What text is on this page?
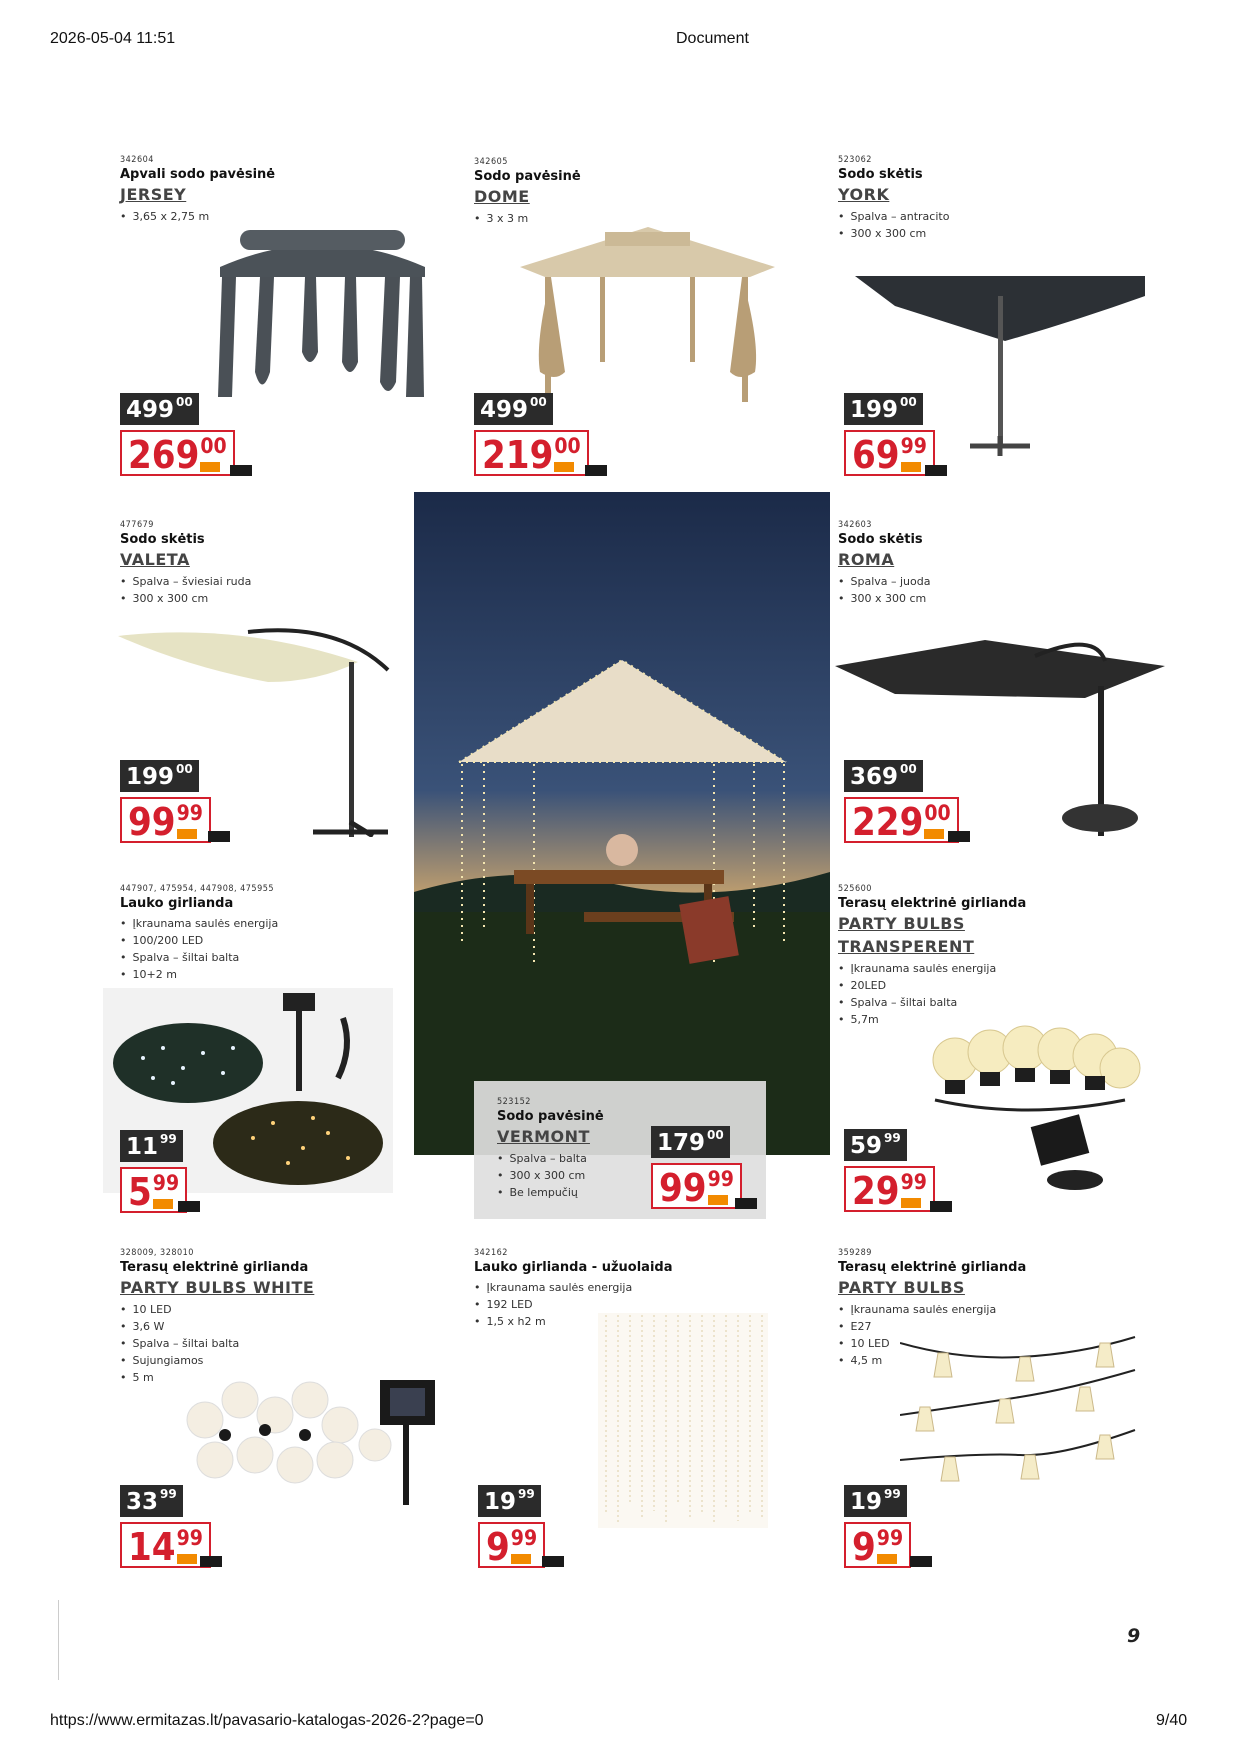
2026-05-04 11:51	Document
https://www.ermitazas.lt/pavasario-katalogas-2026-2?page=0	9/40
9
342604
Apvali sodo pavėsinė
JERSEY
• 3,65 x 2,75 m
499 00
269 00
342605
Sodo pavėsinė
DOME
• 3 x 3 m
499 00
219 00
523062
Sodo skėtis
YORK
• Spalva – antracito
• 300 x 300 cm
199 00
69 99
477679
Sodo skėtis
VALETA
• Spalva – šviesiai ruda
• 300 x 300 cm
199 00
99 99
342603
Sodo skėtis
ROMA
• Spalva – juoda
• 300 x 300 cm
369 00
229 00
447907, 475954, 447908, 475955
Lauko girlianda
• Įkraunama saulės energija
• 100/200 LED
• Spalva – šiltai balta
• 10+2 m
11 99
5 99
523152
Sodo pavėsinė
VERMONT
• Spalva – balta
• 300 x 300 cm
• Be lempučių
179 00
99 99
525600
Terasų elektrinė girlianda
PARTY BULBS
TRANSPERENT
• Įkraunama saulės energija
• 20LED
• Spalva – šiltai balta
• 5,7m
59 99
29 99
328009, 328010
Terasų elektrinė girlianda
PARTY BULBS WHITE
• 10 LED
• 3,6 W
• Spalva – šiltai balta
• Sujungiamos
• 5 m
33 99
14 99
342162
Lauko girlianda - užuolaida
• Įkraunama saulės energija
• 192 LED
• 1,5 x h2 m
19 99
9 99
359289
Terasų elektrinė girlianda
PARTY BULBS
• Įkraunama saulės energija
• E27
• 10 LED
• 4,5 m
19 99
9 99
